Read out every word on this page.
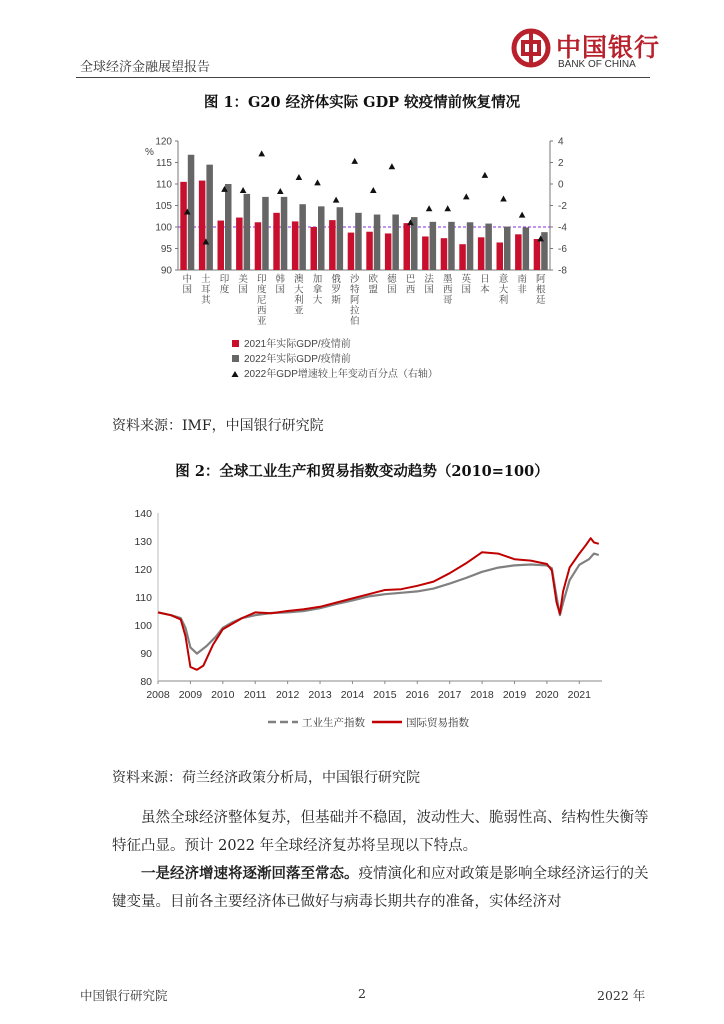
全球经济金融展望报告
中国银行
BANK OF CHINA
图 1：G20 经济体实际 GDP 较疫情前恢复情况
%
90
95
100
105
110
115
120
-8
-6
-4
-2
0
2
4
中国
土耳其
印度
美国
印度尼西亚
韩国
澳大利亚
加拿大
俄罗斯
沙特阿拉伯
欧盟
德国
巴西
法国
墨西哥
英国
日本
意大利
南非
阿根廷
2021年实际GDP/疫情前
2022年实际GDP/疫情前
2022年GDP增速较上年变动百分点（右轴）
资料来源：IMF，中国银行研究院
图 2：全球工业生产和贸易指数变动趋势（2010=100）
80
90
100
110
120
130
140
2008 2009 2010 2011 2012 2013 2014 2015 2016 2017 2018 2019 2020 2021
工业生产指数	国际贸易指数
资料来源：荷兰经济政策分析局，中国银行研究院

虽然全球经济整体复苏，但基础并不稳固，波动性大、脆弱性高、结构性失衡等特征凸显。预计 2022 年全球经济复苏将呈现以下特点。

一是经济增速将逐渐回落至常态。疫情演化和应对政策是影响全球经济运行的关键变量。目前各主要经济体已做好与病毒长期共存的准备，实体经济对

中国银行研究院	2	2022 年
